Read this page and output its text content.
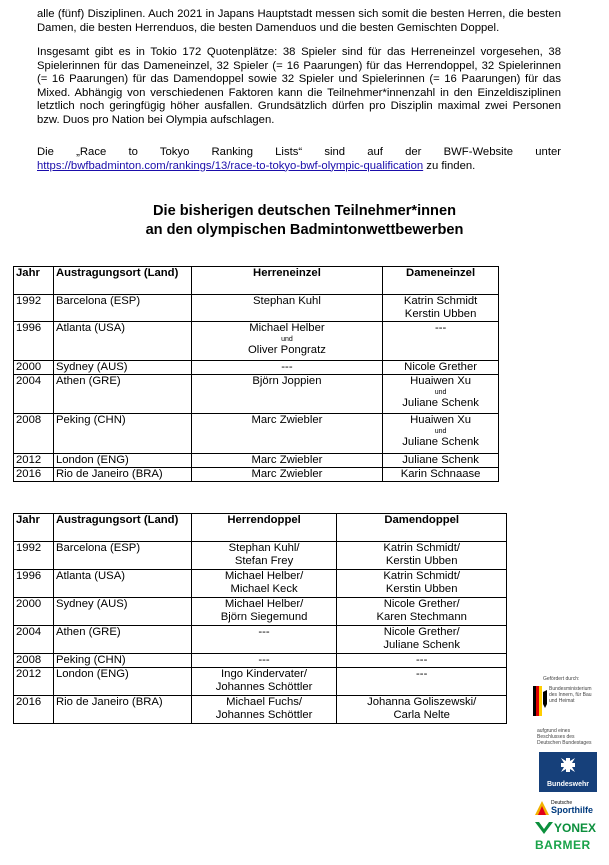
alle (fünf) Disziplinen. Auch 2021 in Japans Hauptstadt messen sich somit die besten Herren, die besten Damen, die besten Herrenduos, die besten Damenduos und die besten Gemischten Doppel.

Insgesamt gibt es in Tokio 172 Quotenplätze: 38 Spieler sind für das Herreneinzel vorgesehen, 38 Spielerinnen für das Dameneinzel, 32 Spieler (= 16 Paarungen) für das Herrendoppel, 32 Spielerinnen (= 16 Paarungen) für das Damendoppel sowie 32 Spieler und Spielerinnen (= 16 Paarungen) für das Mixed. Abhängig von verschiedenen Faktoren kann die Teilnehmer*innenzahl in den Einzeldisziplinen letztlich noch geringfügig höher ausfallen. Grundsätzlich dürfen pro Disziplin maximal zwei Personen bzw. Duos pro Nation bei Olympia aufschlagen.

Die „Race to Tokyo Ranking Lists“ sind auf der BWF-Website unter https://bwfbadminton.com/rankings/13/race-to-tokyo-bwf-olympic-qualification zu finden.

Die bisherigen deutschen Teilnehmer*innen
an den olympischen Badmintonwettbewerben
Jahr	Austragungsort (Land)	Herreneinzel	Dameneinzel
1992	Barcelona (ESP)	Stephan Kuhl	Katrin Schmidt
Kerstin Ubben

1996	Atlanta (USA)	Michael Helber
und
Oliver Pongratz	---
2000	Sydney (AUS)	---	Nicole Grether
2004	Athen (GRE)	Björn Joppien	Huaiwen Xu
und
Juliane Schenk

2008	Peking (CHN)	Marc Zwiebler	Huaiwen Xu
und
Juliane Schenk

2012	London (ENG)	Marc Zwiebler	Juliane Schenk
2016	Rio de Janeiro (BRA)	Marc Zwiebler	Karin Schnaase
Jahr	Austragungsort (Land)	Herrendoppel	Damendoppel
1992	Barcelona (ESP)	Stephan Kuhl/
Stefan Frey	Katrin Schmidt/
Kerstin Ubben

1996	Atlanta (USA)	Michael Helber/
Michael Keck	Katrin Schmidt/
Kerstin Ubben

2000	Sydney (AUS)	Michael Helber/
Björn Siegemund	Nicole Grether/
Karen Stechmann

2004	Athen (GRE)	---	Nicole Grether/
Juliane Schenk

2008	Peking (CHN)	---	---
2012	London (ENG)	Ingo Kindervater/
Johannes Schöttler	---
2016	Rio de Janeiro (BRA)	Michael Fuchs/
Johannes Schöttler	Johanna Goliszewski/
Carla Nelte
Gefördert durch:
Bundesministerium des Innern, für Bau und Heimat
aufgrund eines Beschlusses des Deutschen Bundestages
Bundeswehr
Deutsche
Sporthilfe
YONEX
BARMER
